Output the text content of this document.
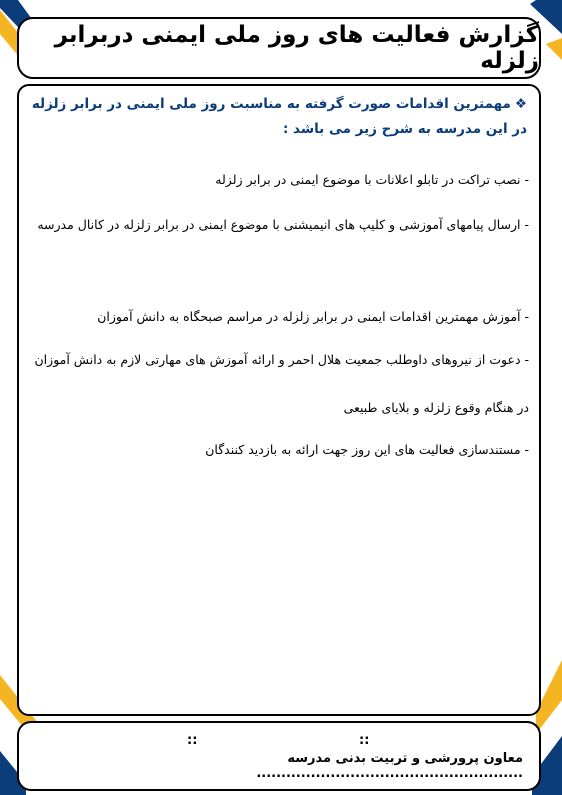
گزارش فعالیت های روز ملی ایمنی دربرابر زلزله
❖مهمترین اقدامات صورت گرفته به مناسبت روز ملی ایمنی در برابر زلزله در این مدرسه به شرح زیر می باشد :
- نصب تراکت در تابلو اعلانات با موضوع ایمنی در برابر زلزله
- ارسال پیامهای آموزشی و کلیپ های انیمیشنی با موضوع ایمنی در برابر زلزله در کانال مدرسه
- آموزش مهمترین اقدامات ایمنی در برابر زلزله در مراسم صبحگاه به دانش آموزان
- دعوت از نیروهای داوطلب جمعیت هلال احمر و ارائه آموزش های مهارتی لازم به دانش آموزان در هنگام وقوع زلزله و بلایای طبیعی
- مستندسازی فعالیت های این روز جهت ارائه به بازدید کنندگان
::	::
معاون پرورشی و تربیت بدنی مدرسه ......................................................
